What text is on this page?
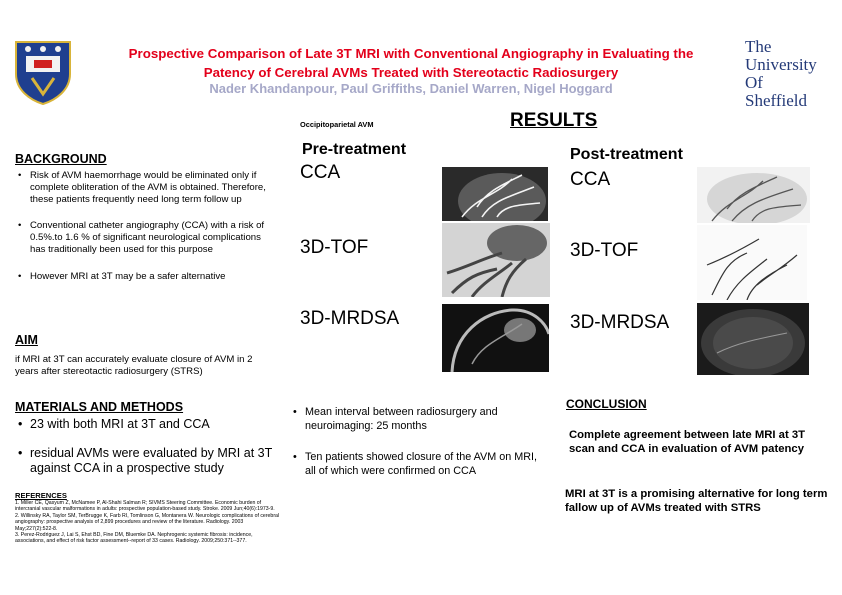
Prospective Comparison of Late 3T MRI with Conventional Angiography in Evaluating the
Patency of Cerebral AVMs Treated with Stereotactic Radiosurgery
Nader Khandanpour, Paul Griffiths, Daniel Warren, Nigel Hoggard
The
University
Of
Sheffield
BACKGROUND
• Risk of AVM haemorrhage would be eliminated only if complete obliteration of the AVM is obtained. Therefore, these patients frequently need long term follow up
• Conventional catheter angiography (CCA) with a risk of 0.5%.to 1.6 % of significant neurological complications has traditionally been used for this purpose
• However MRI at 3T may be a safer alternative
AIM
if MRI at 3T can accurately evaluate closure of AVM in 2 years after stereotactic radiosurgery (STRS)
MATERIALS AND METHODS
• 23 with both MRI at 3T and CCA
• residual AVMs were evaluated by MRI at 3T against CCA in a prospective study
REFERENCES
1. Miller CE, Qasyum Z, McNamee P, Al-Shahi Salman R; SIVMS Steering Committee. Economic burden of intercranial vascular malformations in adults: prospective population-based study. Stroke. 2009 Jun;40(6):1973-9.
2. Willinsky RA, Taylor SM, TerBrugge K, Farb RI, Tomlinson G, Montanera W. Neurologic complications of cerebral angiography: prospective analysis of 2,899 procedures and review of the literature. Radiology. 2003 May;227(2):522-8.
3. Perez-Rodriguez J, Lai S, Ehst BD, Fine DM, Bluemke DA. Nephrogenic systemic fibrosis: incidence, associations, and effect of risk factor assessment--report of 33 cases. Radiology. 2009;250:371--377.
Occipitoparietal AVM	RESULTS
Pre-treatment	Post-treatment
CCA
3D-TOF
3D-MRDSA
CCA
3D-TOF
3D-MRDSA
• Mean interval between radiosurgery and neuroimaging: 25 months
• Ten patients showed closure of the AVM on MRI, all of which were confirmed on CCA
CONCLUSION
Complete agreement between late MRI at 3T scan and CCA in evaluation of AVM patency
MRI at 3T is a promising alternative for long term fallow up of AVMs treated with STRS
